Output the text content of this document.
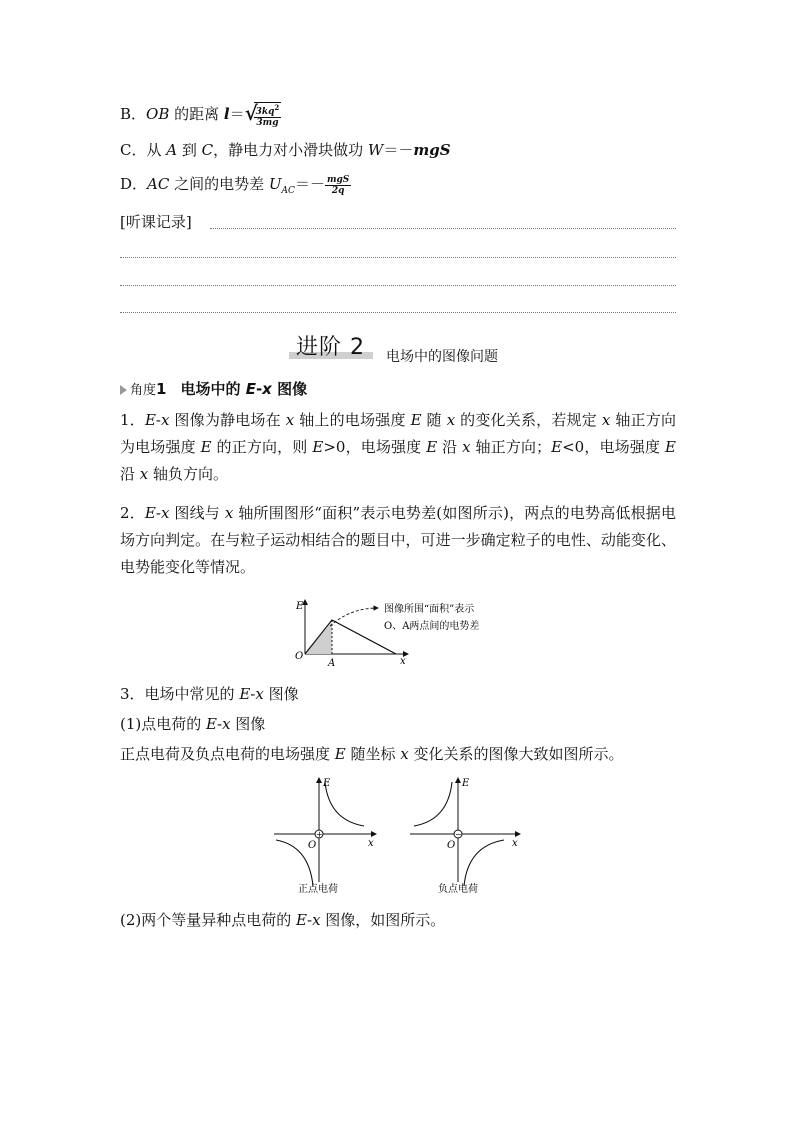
B．OB 的距离 l＝ √
$\frac{3kq^2}{3mg}$
C．从 A 到 C，静电力对小滑块做功 W＝－mgS
D．AC 之间的电势差 $U_{AC}=- \frac{\text{mgS}}{2q}$
[听课记录]
进阶 2 电场中的图像问题
角度1 电场中的 E-x 图像
1．E-x 图像为静电场在 x 轴上的电场强度 E 随 x 的变化关系，若规定 x 轴正方向为电场强度 E 的正方向，则 E>0，电场强度 E 沿 x 轴正方向；E<0，电场强度 E 沿 x 轴负方向。
2．E-x 图线与 x 轴所围图形“面积”表示电势差(如图所示)，两点的电势高低根据电场方向判定。在与粒子运动相结合的题目中，可进一步确定粒子的电性、动能变化、电势能变化等情况。
E
O
A	x
图像所围“面积”表示
O、A两点间的电势差
3．电场中常见的 E-x 图像
(1)点电荷的 E-x 图像
正点电荷及负点电荷的电场强度 E 随坐标 x 变化关系的图像大致如图所示。
+
E
O	x
正点电荷
−
E
O	x
负点电荷
(2)两个等量异种点电荷的 E-x 图像，如图所示。
